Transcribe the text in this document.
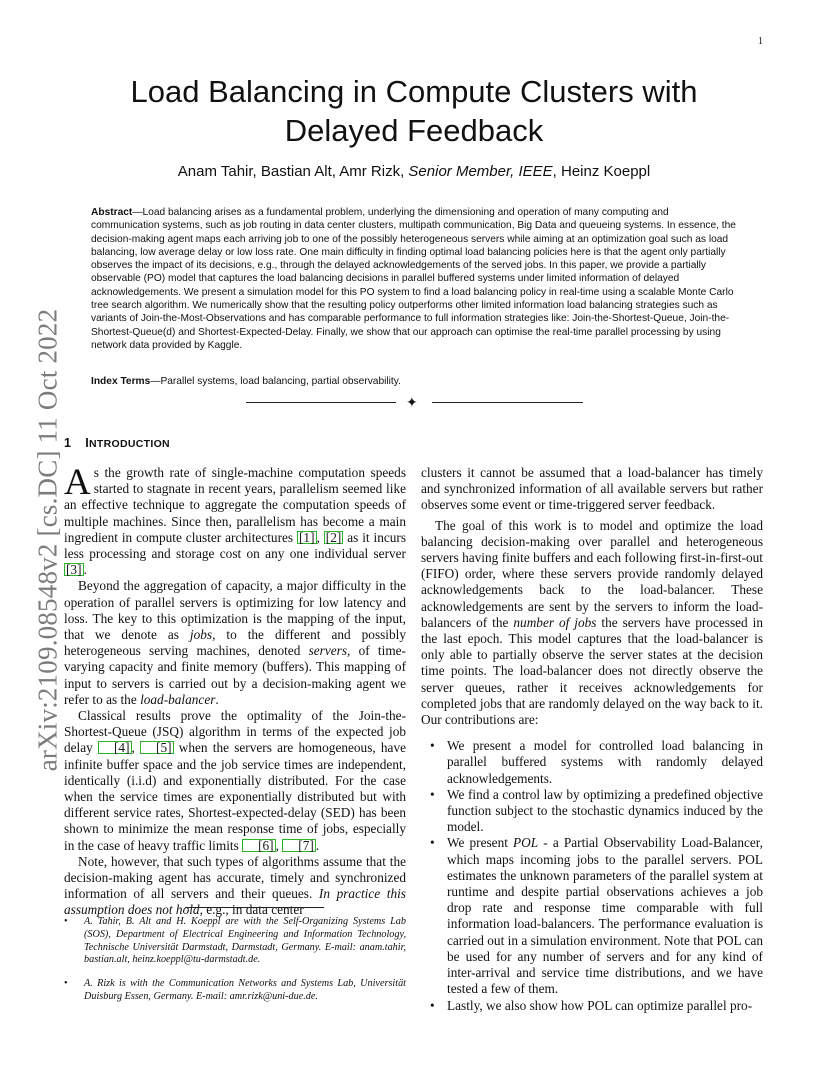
1
arXiv:2109.08548v2 [cs.DC] 11 Oct 2022
Load Balancing in Compute Clusters with Delayed Feedback
Anam Tahir, Bastian Alt, Amr Rizk, Senior Member, IEEE, Heinz Koeppl

Abstract—Load balancing arises as a fundamental problem, underlying the dimensioning and operation of many computing and communication systems, such as job routing in data center clusters, multipath communication, Big Data and queueing systems. In essence, the decision-making agent maps each arriving job to one of the possibly heterogeneous servers while aiming at an optimization goal such as load balancing, low average delay or low loss rate. One main difficulty in finding optimal load balancing policies here is that the agent only partially observes the impact of its decisions, e.g., through the delayed acknowledgements of the served jobs. In this paper, we provide a partially observable (PO) model that captures the load balancing decisions in parallel buffered systems under limited information of delayed acknowledgements. We present a simulation model for this PO system to find a load balancing policy in real-time using a scalable Monte Carlo tree search algorithm. We numerically show that the resulting policy outperforms other limited information load balancing strategies such as variants of Join-the-Most-Observations and has comparable performance to full information strategies like: Join-the-Shortest-Queue, Join-the-Shortest-Queue(d) and Shortest-Expected-Delay. Finally, we show that our approach can optimise the real-time parallel processing by using network data provided by Kaggle.

Index Terms—Parallel systems, load balancing, partial observability.

✦
1 INTRODUCTION

As the growth rate of single-machine computation speeds started to stagnate in recent years, parallelism seemed like an effective technique to aggregate the computation speeds of multiple machines. Since then, parallelism has become a main ingredient in compute cluster architectures [1] , [2] as it incurs less processing and storage cost on any one individual server [3] .

Beyond the aggregation of capacity, a major difficulty in the operation of parallel servers is optimizing for low latency and loss. The key to this optimization is the mapping of the input, that we denote as jobs, to the different and possibly heterogeneous serving machines, denoted servers, of time-varying capacity and finite memory (buffers). This mapping of input to servers is carried out by a decision-making agent we refer to as the load-balancer.

Classical results prove the optimality of the Join-the-Shortest-Queue (JSQ) algorithm in terms of the expected job delay [4] , [5] when the servers are homogeneous, have infinite buffer space and the job service times are independent, identically (i.i.d) and exponentially distributed. For the case when the service times are exponentially distributed but with different service rates, Shortest-expected-delay (SED) has been shown to minimize the mean response time of jobs, especially in the case of heavy traffic limits [6] , [7] .

Note, however, that such types of algorithms assume that the decision-making agent has accurate, timely and synchronized information of all servers and their queues. In practice this assumption does not hold, e.g., in data center

clusters it cannot be assumed that a load-balancer has timely and synchronized information of all available servers but rather observes some event or time-triggered server feedback.

The goal of this work is to model and optimize the load balancing decision-making over parallel and heterogeneous servers having finite buffers and each following first-in-first-out (FIFO) order, where these servers provide randomly delayed acknowledgements back to the load-balancer. These acknowledgements are sent by the servers to inform the load-balancers of the number of jobs the servers have processed in the last epoch. This model captures that the load-balancer is only able to partially observe the server states at the decision time points. The load-balancer does not directly observe the server queues, rather it receives acknowledgements for completed jobs that are randomly delayed on the way back to it. Our contributions are:

• We present a model for controlled load balancing in parallel buffered systems with randomly delayed acknowledgements.
• We find a control law by optimizing a predefined objective function subject to the stochastic dynamics induced by the model.
• We present POL - a Partial Observability Load-Balancer, which maps incoming jobs to the parallel servers. POL estimates the unknown parameters of the parallel system at runtime and despite partial observations achieves a job drop rate and response time comparable with full information load-balancers. The performance evaluation is carried out in a simulation environment. Note that POL can be used for any number of servers and for any kind of inter-arrival and service time distributions, and we have tested a few of them.
• Lastly, we also show how POL can optimize parallel pro-
•	A. Tahir, B. Alt and H. Koeppl are with the Self-Organizing Systems Lab (SOS), Department of Electrical Engineering and Information Technology, Technische Universität Darmstadt, Darmstadt, Germany. E-mail: anam.tahir, bastian.alt, heinz.koeppl@tu-darmstadt.de.
•	A. Rizk is with the Communication Networks and Systems Lab, Universität Duisburg Essen, Germany. E-mail: amr.rizk@uni-due.de.
